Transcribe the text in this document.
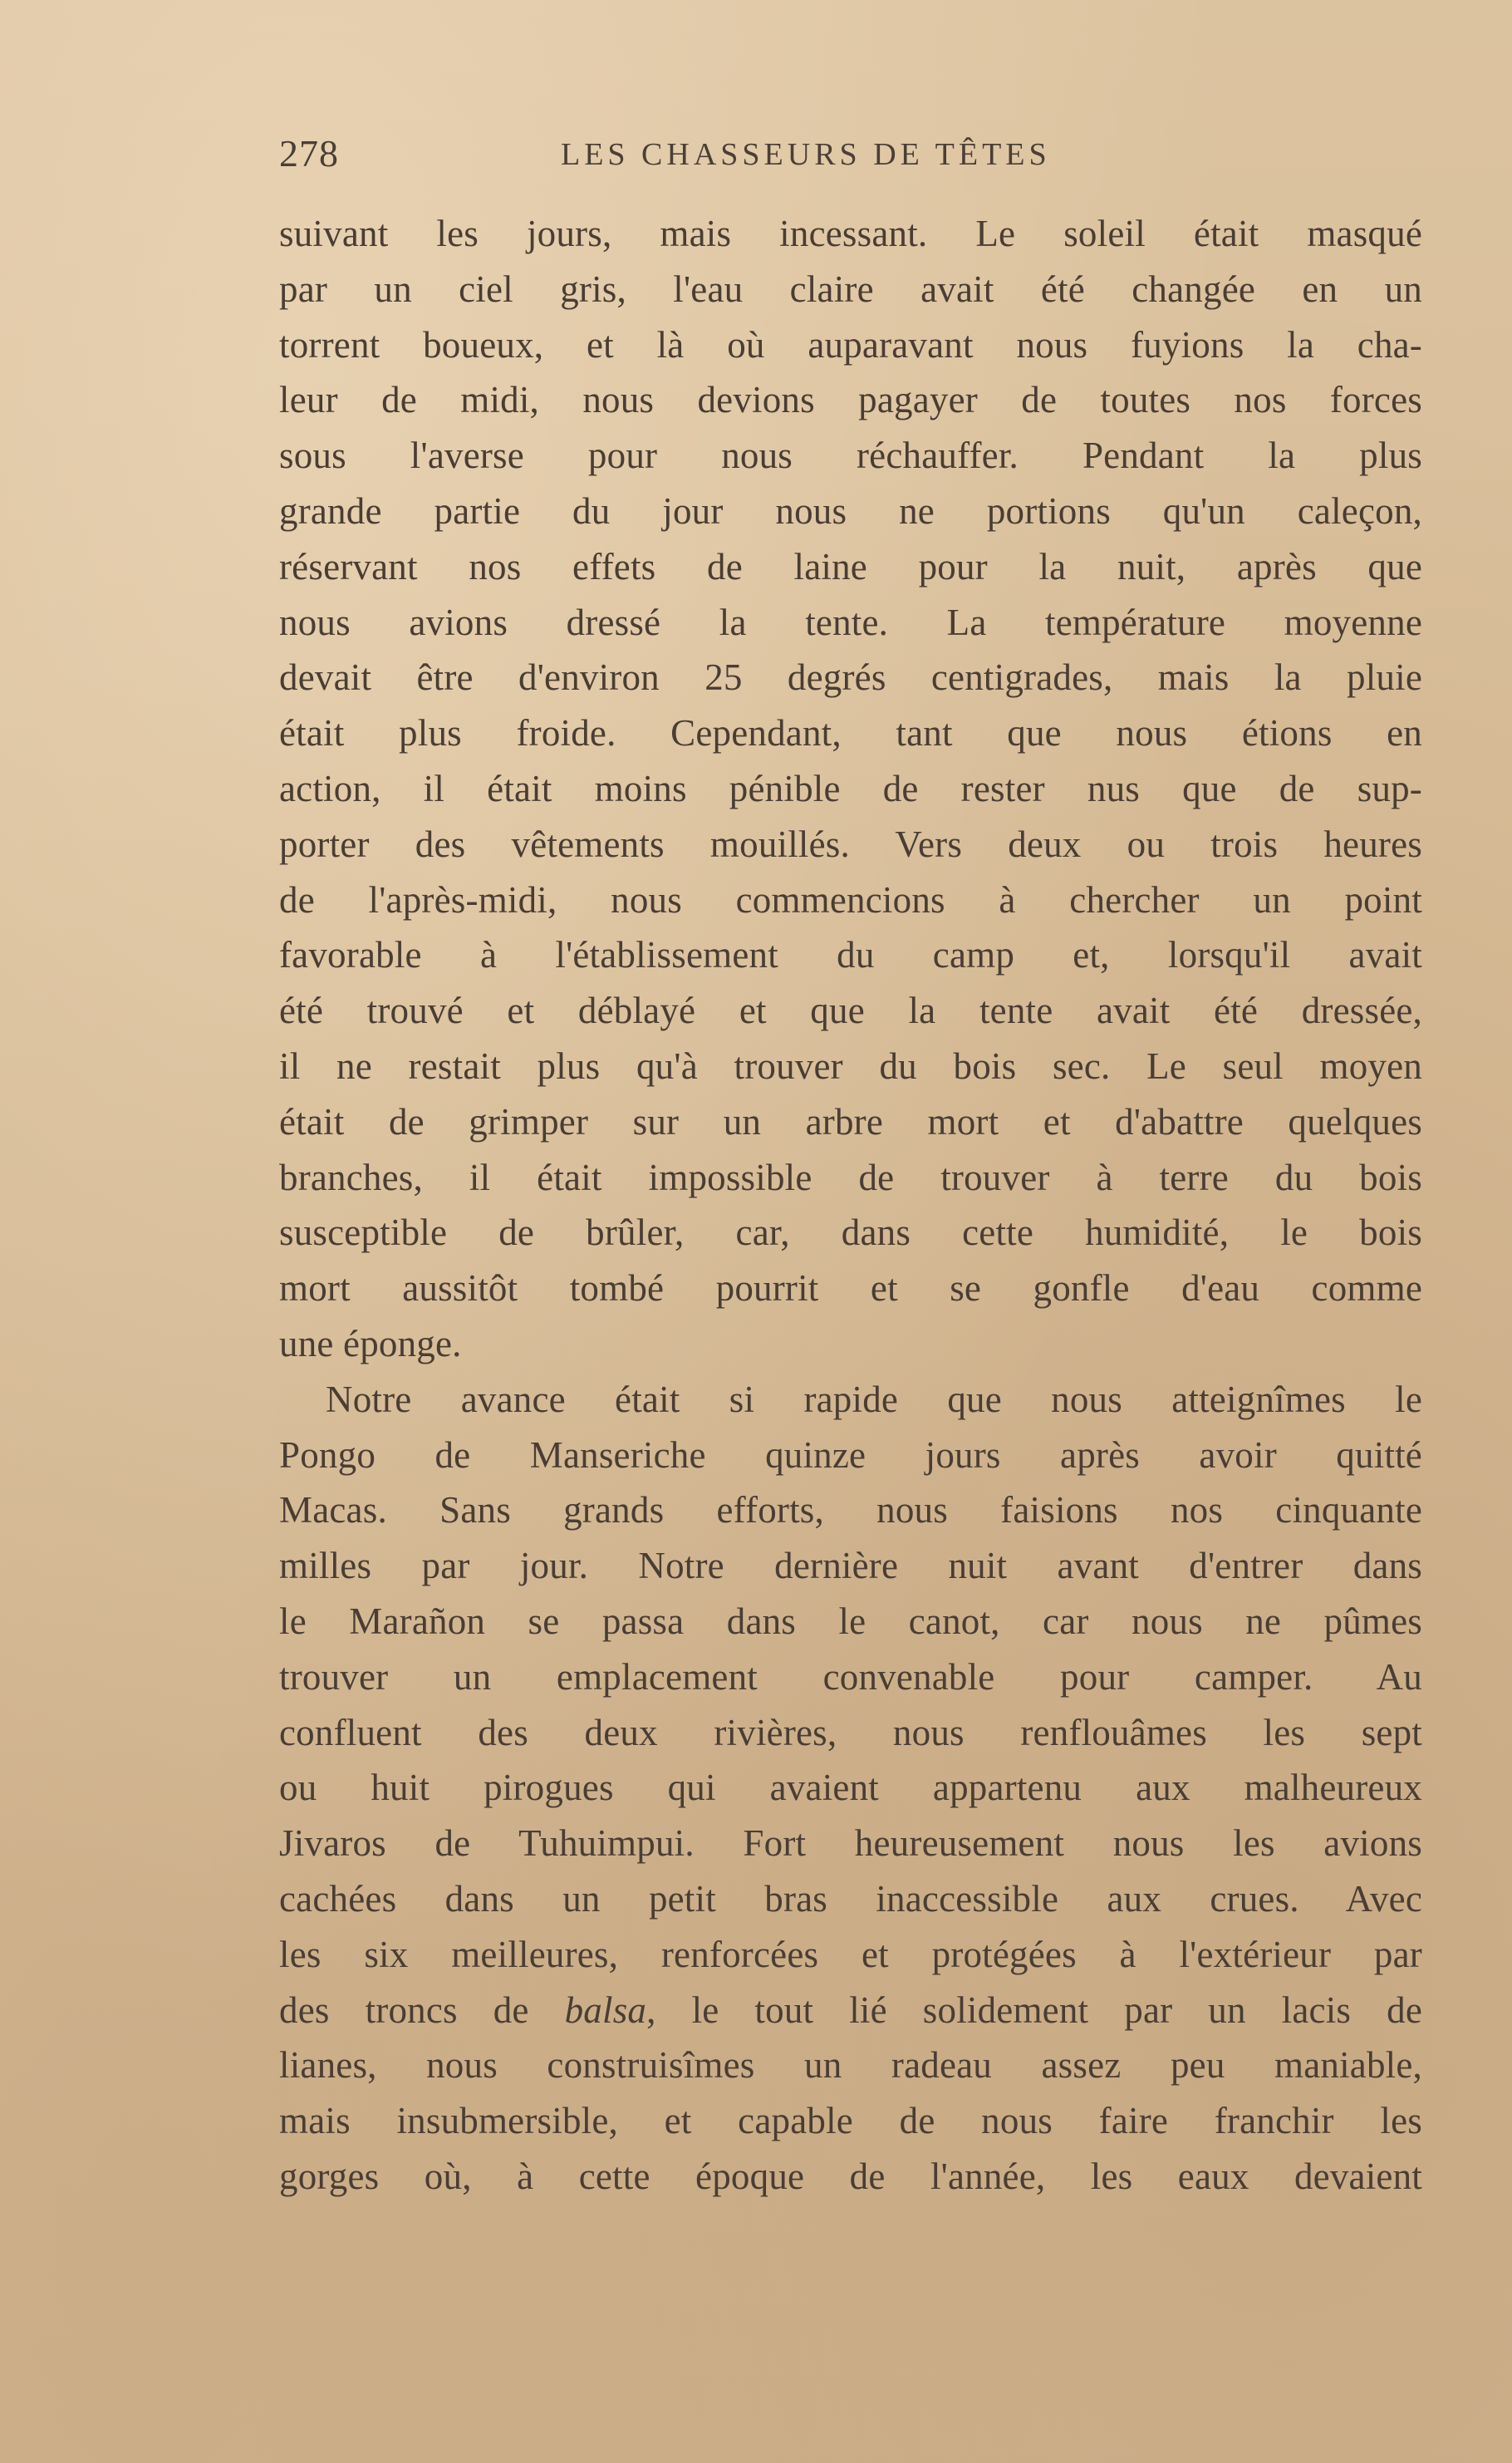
278	LES CHASSEURS DE TÊTES
suivant les jours, mais incessant. Le soleil était masqué
par un ciel gris, l'eau claire avait été changée en un
torrent boueux, et là où auparavant nous fuyions la cha-
leur de midi, nous devions pagayer de toutes nos forces
sous l'averse pour nous réchauffer. Pendant la plus
grande partie du jour nous ne portions qu'un caleçon,
réservant nos effets de laine pour la nuit, après que
nous avions dressé la tente. La température moyenne
devait être d'environ 25 degrés centigrades, mais la pluie
était plus froide. Cependant, tant que nous étions en
action, il était moins pénible de rester nus que de sup-
porter des vêtements mouillés. Vers deux ou trois heures
de l'après-midi, nous commencions à chercher un point
favorable à l'établissement du camp et, lorsqu'il avait
été trouvé et déblayé et que la tente avait été dressée,
il ne restait plus qu'à trouver du bois sec. Le seul moyen
était de grimper sur un arbre mort et d'abattre quelques
branches, il était impossible de trouver à terre du bois
susceptible de brûler, car, dans cette humidité, le bois
mort aussitôt tombé pourrit et se gonfle d'eau comme
une éponge.
Notre avance était si rapide que nous atteignîmes le
Pongo de Manseriche quinze jours après avoir quitté
Macas. Sans grands efforts, nous faisions nos cinquante
milles par jour. Notre dernière nuit avant d'entrer dans
le Marañon se passa dans le canot, car nous ne pûmes
trouver un emplacement convenable pour camper. Au
confluent des deux rivières, nous renflouâmes les sept
ou huit pirogues qui avaient appartenu aux malheureux
Jivaros de Tuhuimpui. Fort heureusement nous les avions
cachées dans un petit bras inaccessible aux crues. Avec
les six meilleures, renforcées et protégées à l'extérieur par
des troncs de balsa, le tout lié solidement par un lacis de
lianes, nous construisîmes un radeau assez peu maniable,
mais insubmersible, et capable de nous faire franchir les
gorges où, à cette époque de l'année, les eaux devaient
